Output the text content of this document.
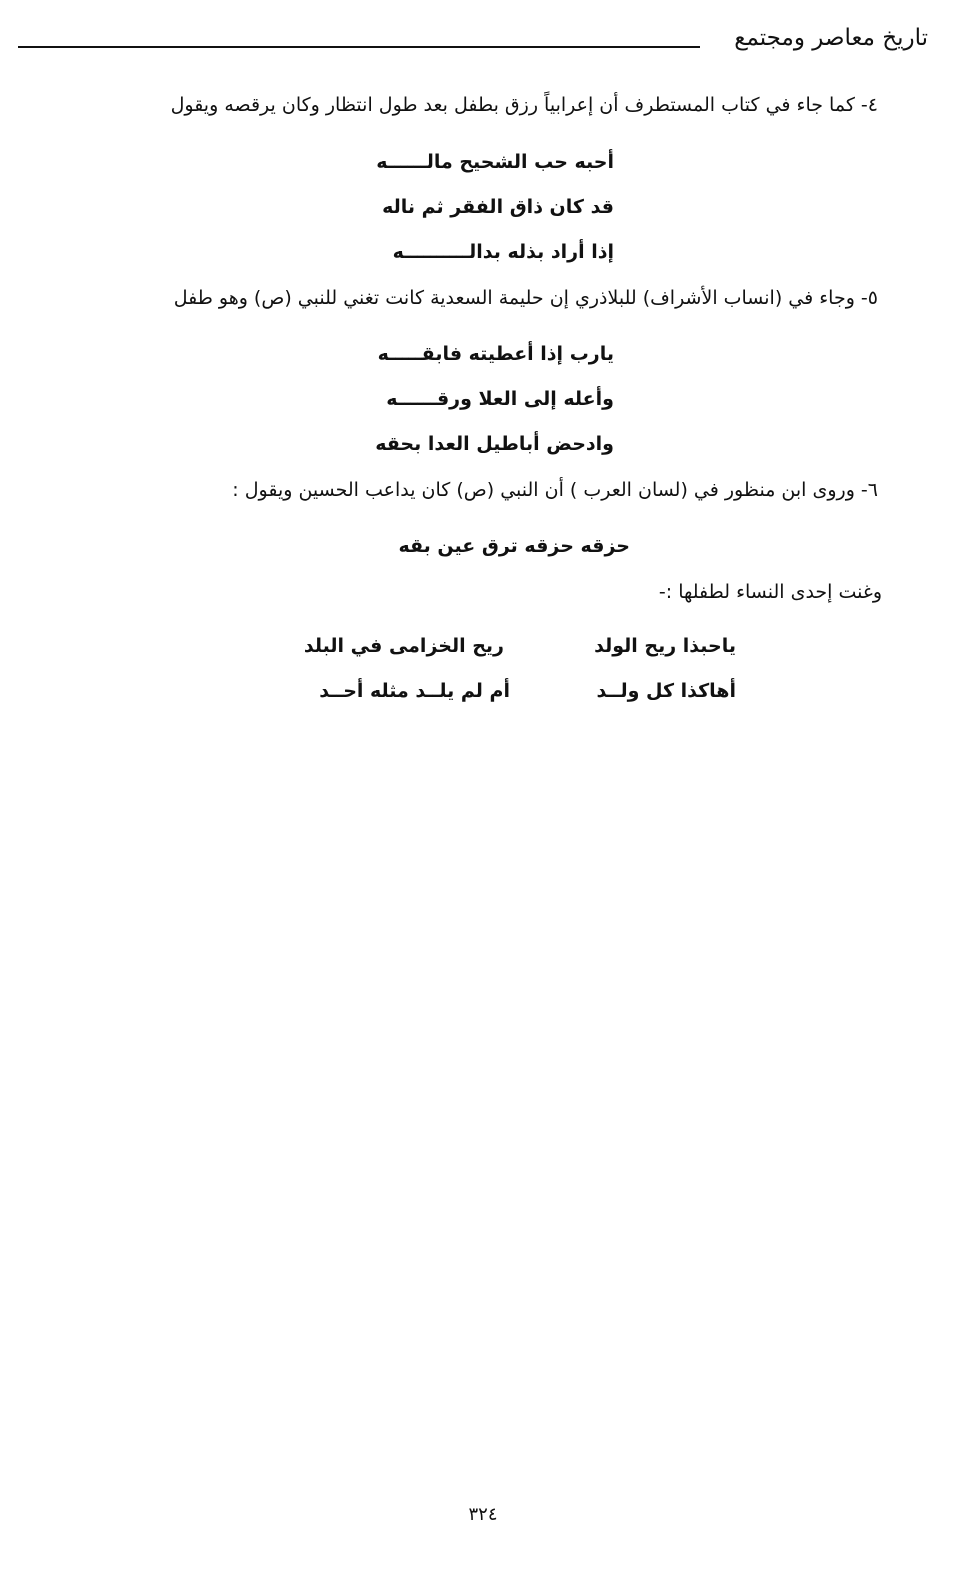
تاريخ معاصر ومجتمع
٤- كما جاء في كتاب المستطرف أن إعرابياً رزق بطفل بعد طول انتظار وكان يرقصه ويقول
أحبه حب الشحيح مالــــــه
قد كان ذاق الفقر ثم ناله
إذا أراد بذله بدالــــــــــه
٥- وجاء في (انساب الأشراف) للبلاذري إن حليمة السعدية كانت تغني للنبي (ص) وهو طفل
يارب إذا أعطيته فابقـــــه
وأعله إلى العلا ورقــــــه
وادحض أباطيل العدا بحقه
٦- وروى ابن منظور في (لسان العرب ) أن النبي (ص) كان يداعب الحسين ويقول :
حزقه حزقه ترق عين بقه
وغنت إحدى النساء لطفلها :-
ياحبذا ريح الولد
ريح الخزامى في البلد
أهاكذا كل ولــد
أم لم يلــد مثله أحــد
٣٢٤
